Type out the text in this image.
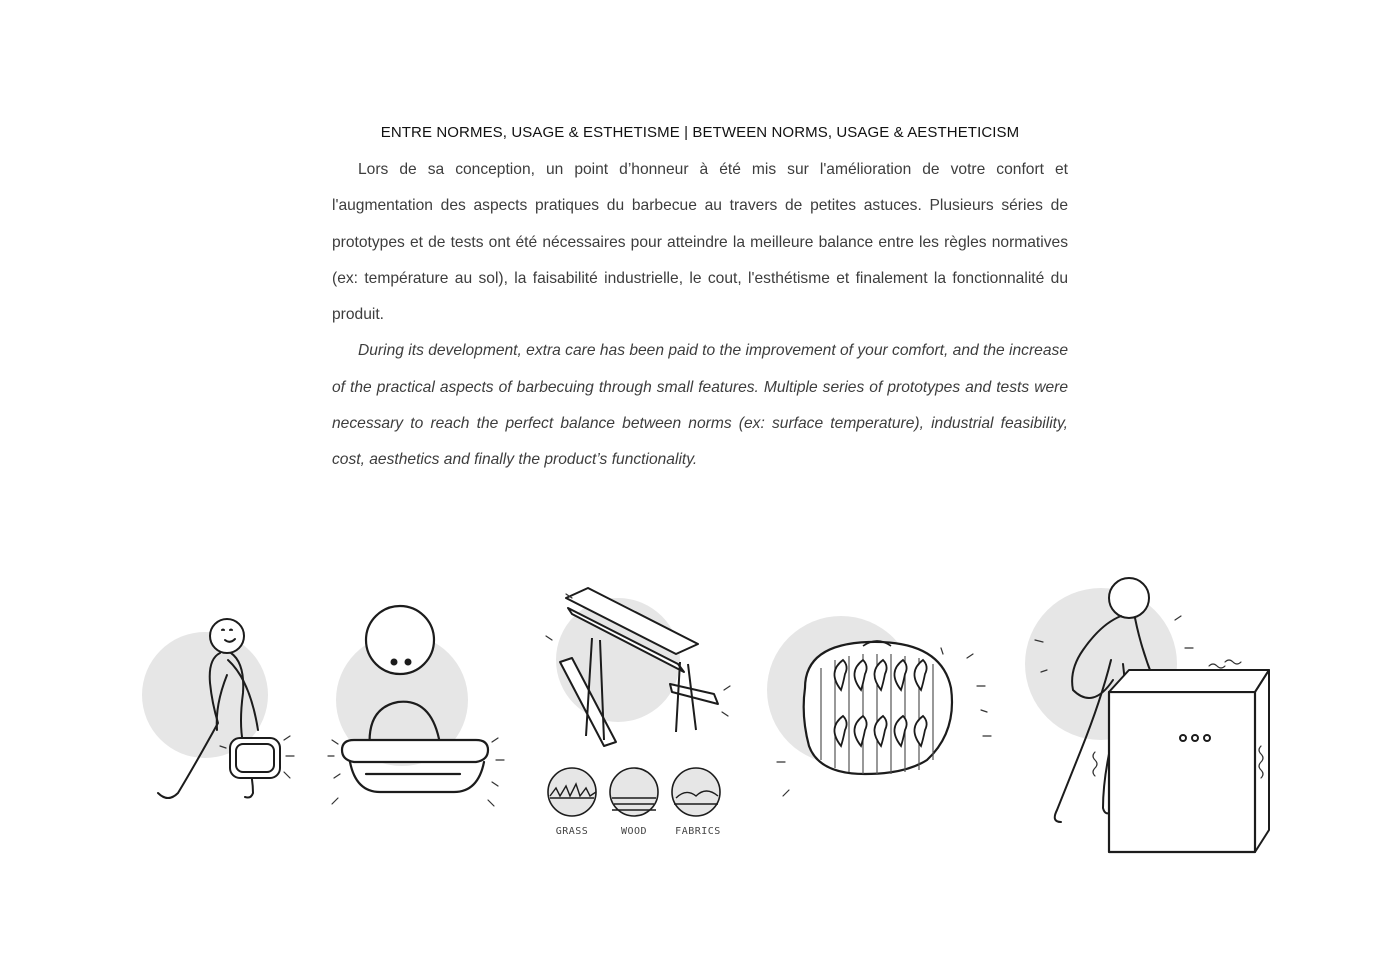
ENTRE NORMES, USAGE & ESTHETISME | BETWEEN NORMS, USAGE & AESTHETICISM

Lors de sa conception, un point d’honneur à été mis sur l'amélioration de votre confort et l'augmentation des aspects pratiques du barbecue au travers de petites astuces. Plusieurs séries de prototypes et de tests ont été nécessaires pour atteindre la meilleure balance entre les règles normatives (ex: température au sol), la faisabilité industrielle, le cout, l'esthétisme et finalement la fonctionnalité du produit.

During its development, extra care has been paid to the improvement of your comfort, and the increase of the practical aspects of barbecuing through small features. Multiple series of prototypes and tests were necessary to reach the perfect balance between norms (ex: surface temperature), industrial feasibility, cost, aesthetics and finally the product’s functionality.

GRASS	WOOD	FABRICS
